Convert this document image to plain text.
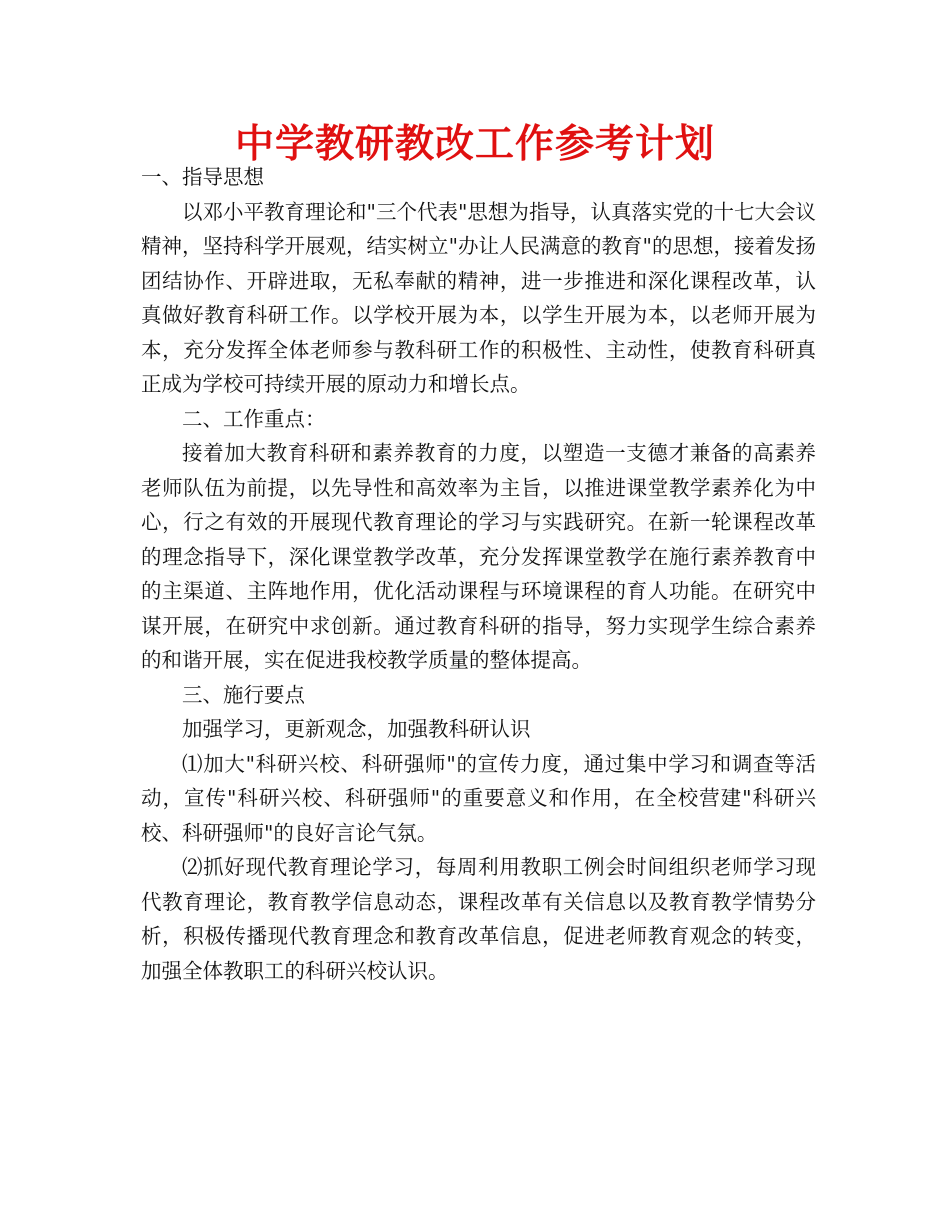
中学教研教改工作参考计划

一、指导思想

以邓小平教育理论和"三个代表"思想为指导，认真落实党的十七大会议精神，坚持科学开展观，结实树立"办让人民满意的教育"的思想，接着发扬团结协作、开辟进取，无私奉献的精神，进一步推进和深化课程改革，认真做好教育科研工作。以学校开展为本，以学生开展为本，以老师开展为本，充分发挥全体老师参与教科研工作的积极性、主动性，使教育科研真正成为学校可持续开展的原动力和增长点。

二、工作重点：

接着加大教育科研和素养教育的力度，以塑造一支德才兼备的高素养老师队伍为前提，以先导性和高效率为主旨，以推进课堂教学素养化为中心，行之有效的开展现代教育理论的学习与实践研究。在新一轮课程改革的理念指导下，深化课堂教学改革，充分发挥课堂教学在施行素养教育中的主渠道、主阵地作用，优化活动课程与环境课程的育人功能。在研究中谋开展，在研究中求创新。通过教育科研的指导，努力实现学生综合素养的和谐开展，实在促进我校教学质量的整体提高。

三、施行要点

加强学习，更新观念，加强教科研认识

⑴加大"科研兴校、科研强师"的宣传力度，通过集中学习和调查等活动，宣传"科研兴校、科研强师"的重要意义和作用，在全校营建"科研兴校、科研强师"的良好言论气氛。

⑵抓好现代教育理论学习，每周利用教职工例会时间组织老师学习现代教育理论，教育教学信息动态，课程改革有关信息以及教育教学情势分析，积极传播现代教育理念和教育改革信息，促进老师教育观念的转变，加强全体教职工的科研兴校认识。
